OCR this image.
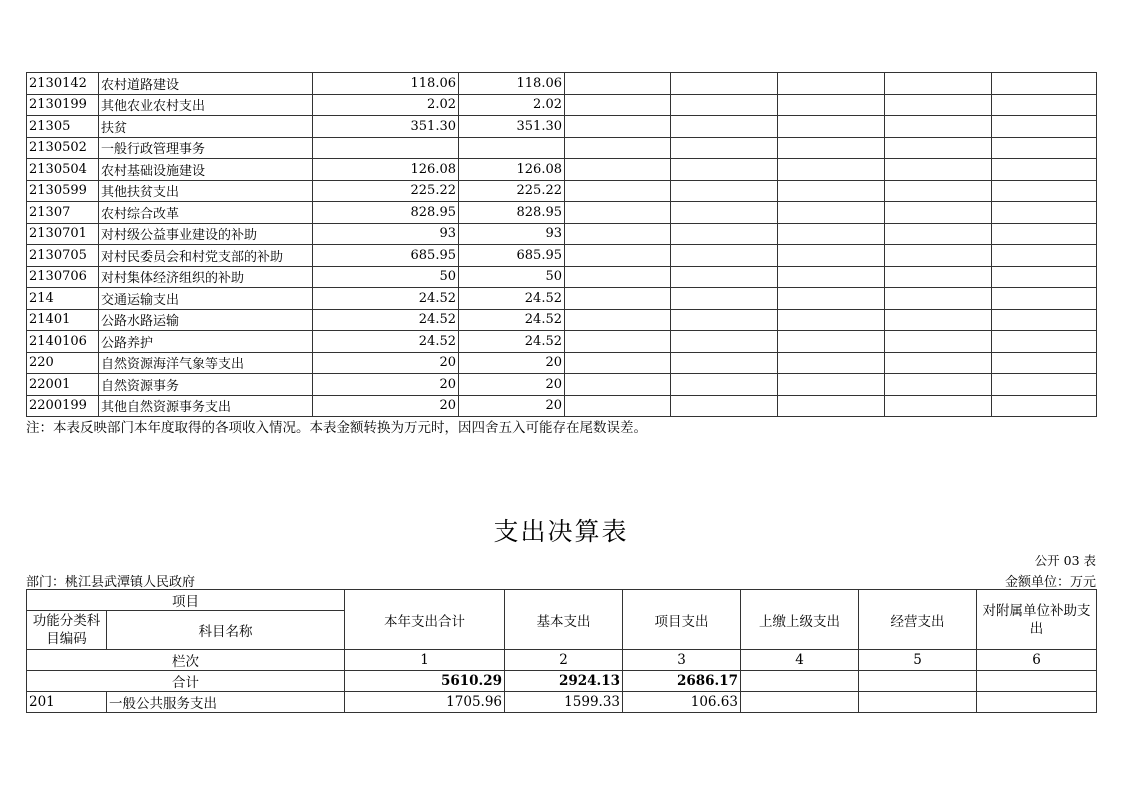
2130142	农村道路建设	118.06	118.06					
2130199	其他农业农村支出	2.02	2.02					
21305	扶贫	351.30	351.30					
2130502	一般行政管理事务							
2130504	农村基础设施建设	126.08	126.08					
2130599	其他扶贫支出	225.22	225.22					
21307	农村综合改革	828.95	828.95					
2130701	对村级公益事业建设的补助	93	93					
2130705	对村民委员会和村党支部的补助	685.95	685.95					
2130706	对村集体经济组织的补助	50	50					
214	交通运输支出	24.52	24.52					
21401	公路水路运输	24.52	24.52					
2140106	公路养护	24.52	24.52					
220	自然资源海洋气象等支出	20	20					
22001	自然资源事务	20	20					
2200199	其他自然资源事务支出	20	20					
注：本表反映部门本年度取得的各项收入情况。本表金额转换为万元时，因四舍五入可能存在尾数误差。
支出决算表
公开 03 表
部门：桃江县武潭镇人民政府	金额单位：万元
项目		本年支出合计	基本支出	项目支出	上缴上级支出	经营支出	对附属单位补助支出
功能分类科目编码	科目名称						
栏次		1	2	3	4	5	6
合计		5610.29	2924.13	2686.17			
201	一般公共服务支出	1705.96	1599.33	106.63			
